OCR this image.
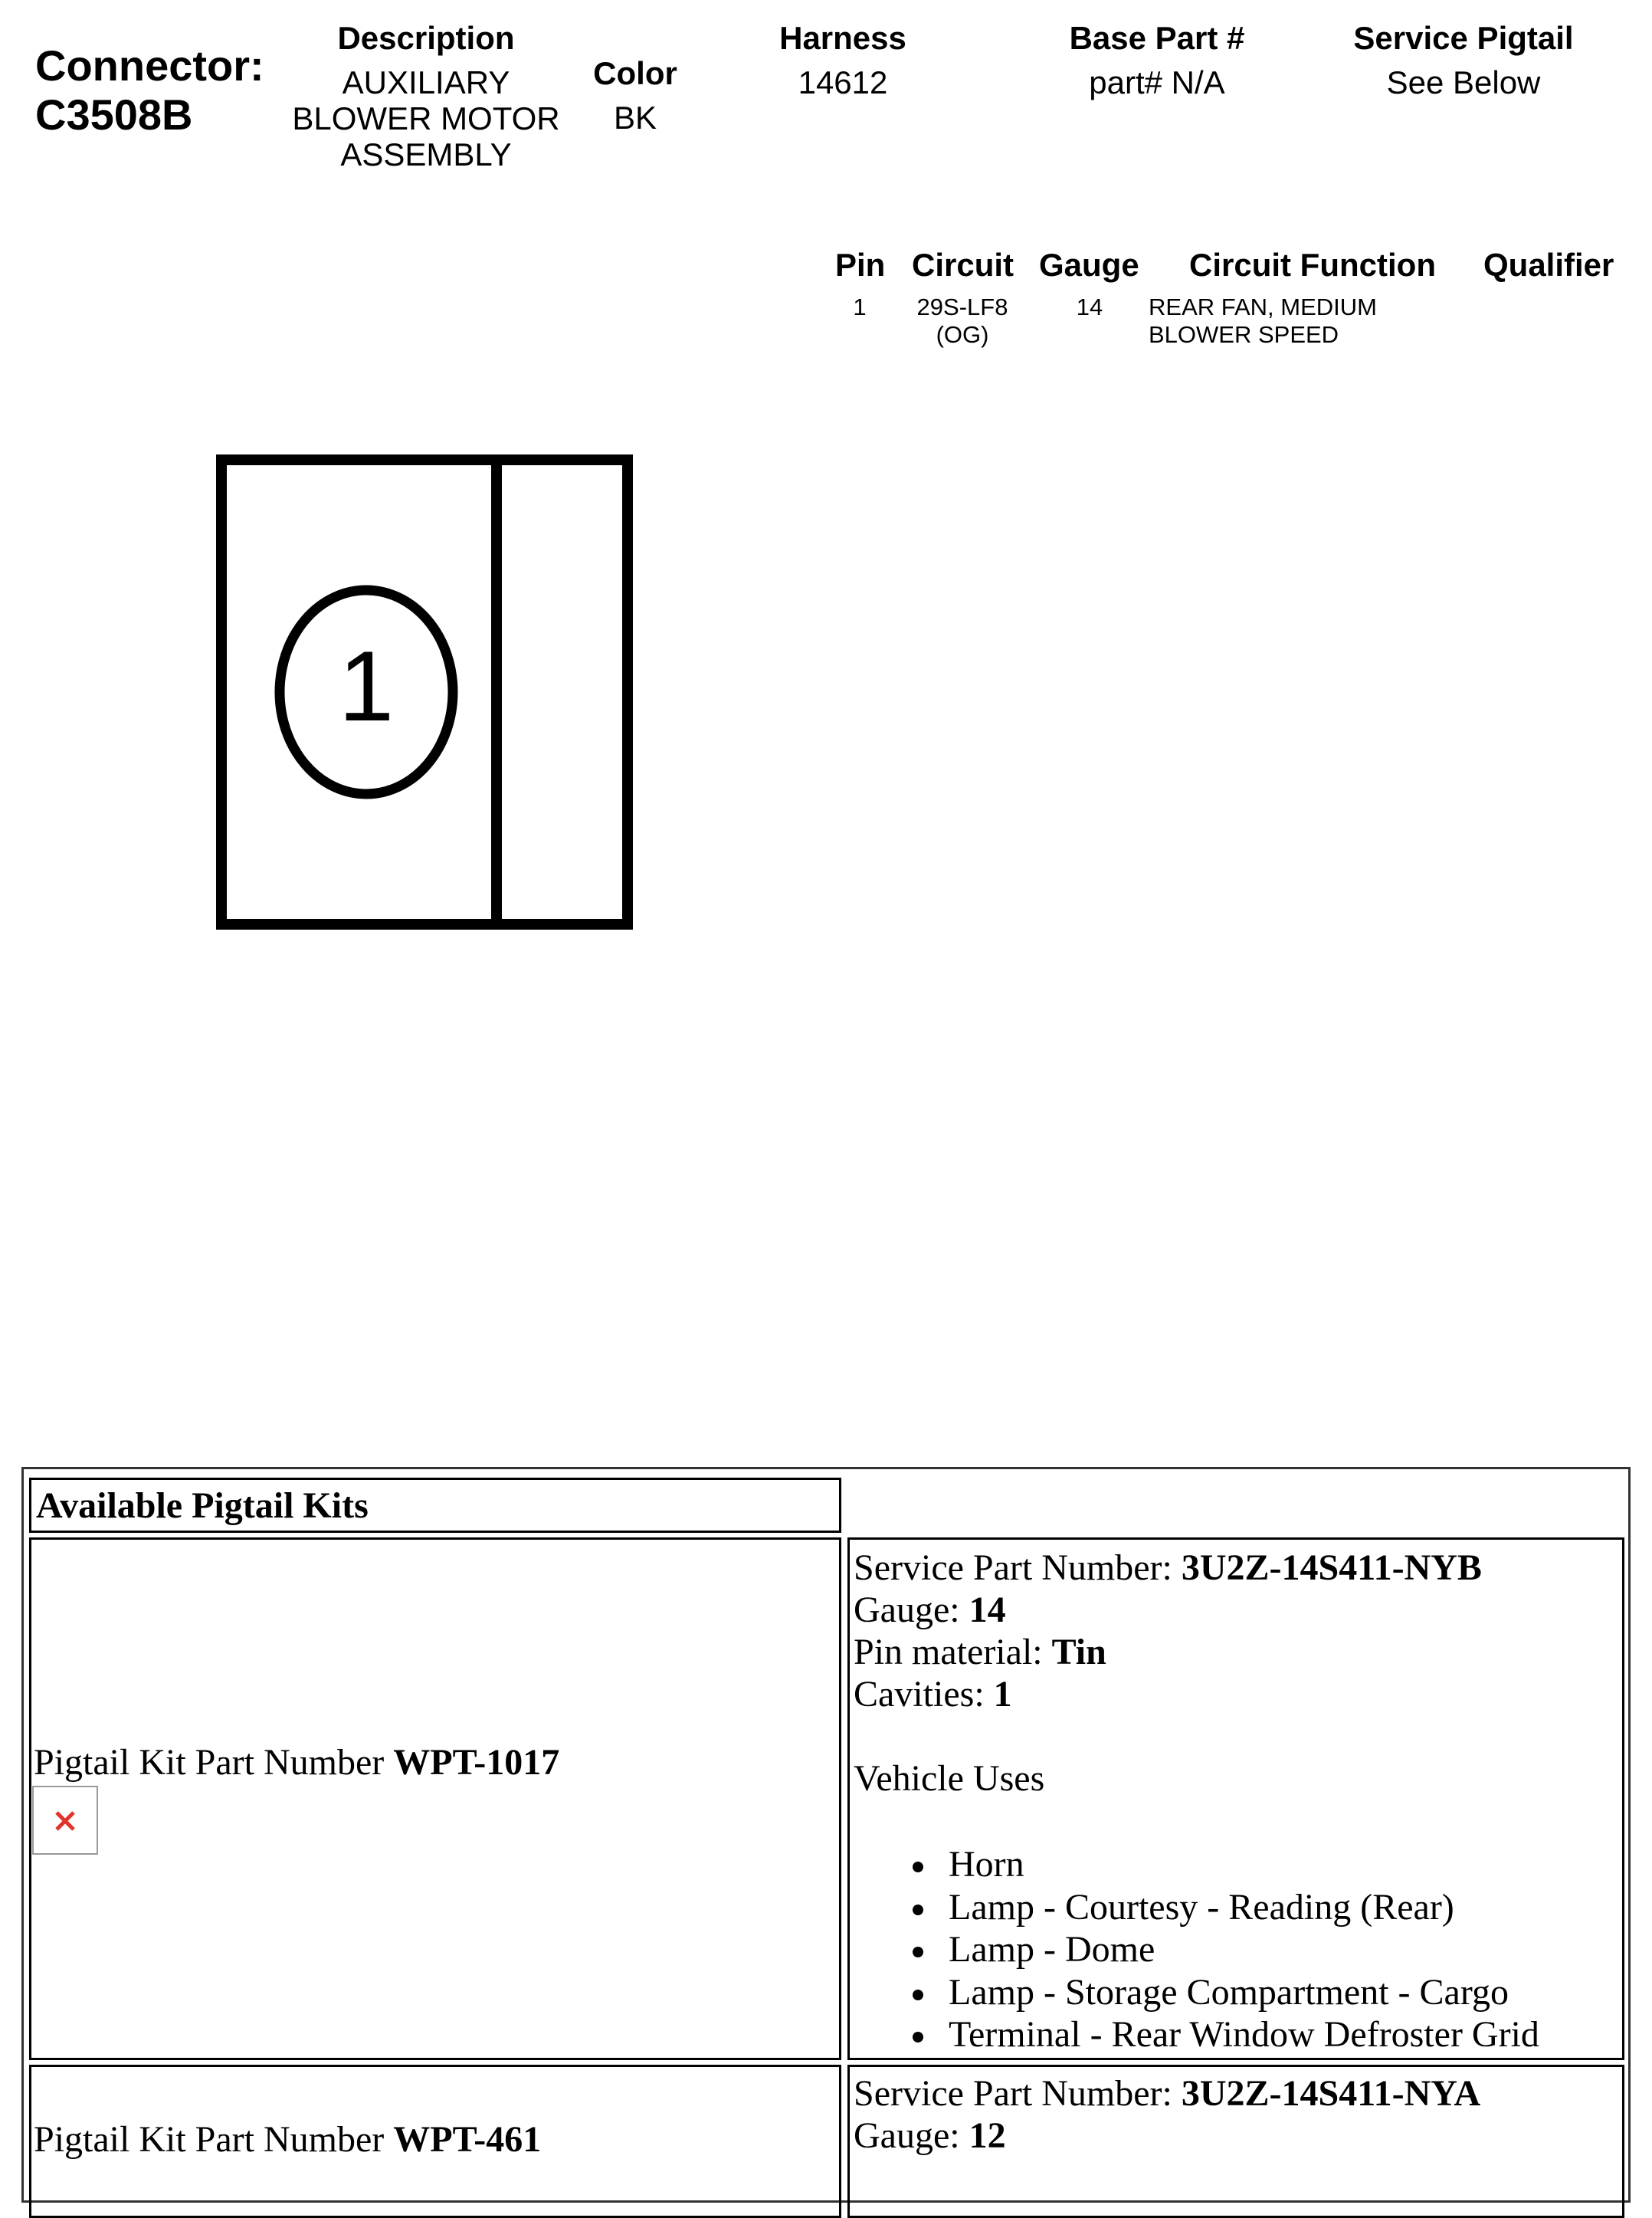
Connector:
C3508B
Description
AUXILIARY
BLOWER MOTOR
ASSEMBLY
Color
BK
Harness
14612
Base Part #
part# N/A
Service Pigtail
See Below
Pin Circuit Gauge Circuit Function Qualifier
1	29S-LF8
(OG)
14	REAR FAN, MEDIUM
BLOWER SPEED
1
Available Pigtail Kits
Pigtail Kit Part Number WPT-1017
Service Part Number: 3U2Z-14S411-NYB
Gauge: 14
Pin material: Tin
Cavities: 1
Vehicle Uses
Horn
Lamp - Courtesy - Reading (Rear)
Lamp - Dome
Lamp - Storage Compartment - Cargo
Terminal - Rear Window Defroster Grid
Pigtail Kit Part Number WPT-461
Service Part Number: 3U2Z-14S411-NYA
Gauge: 12
